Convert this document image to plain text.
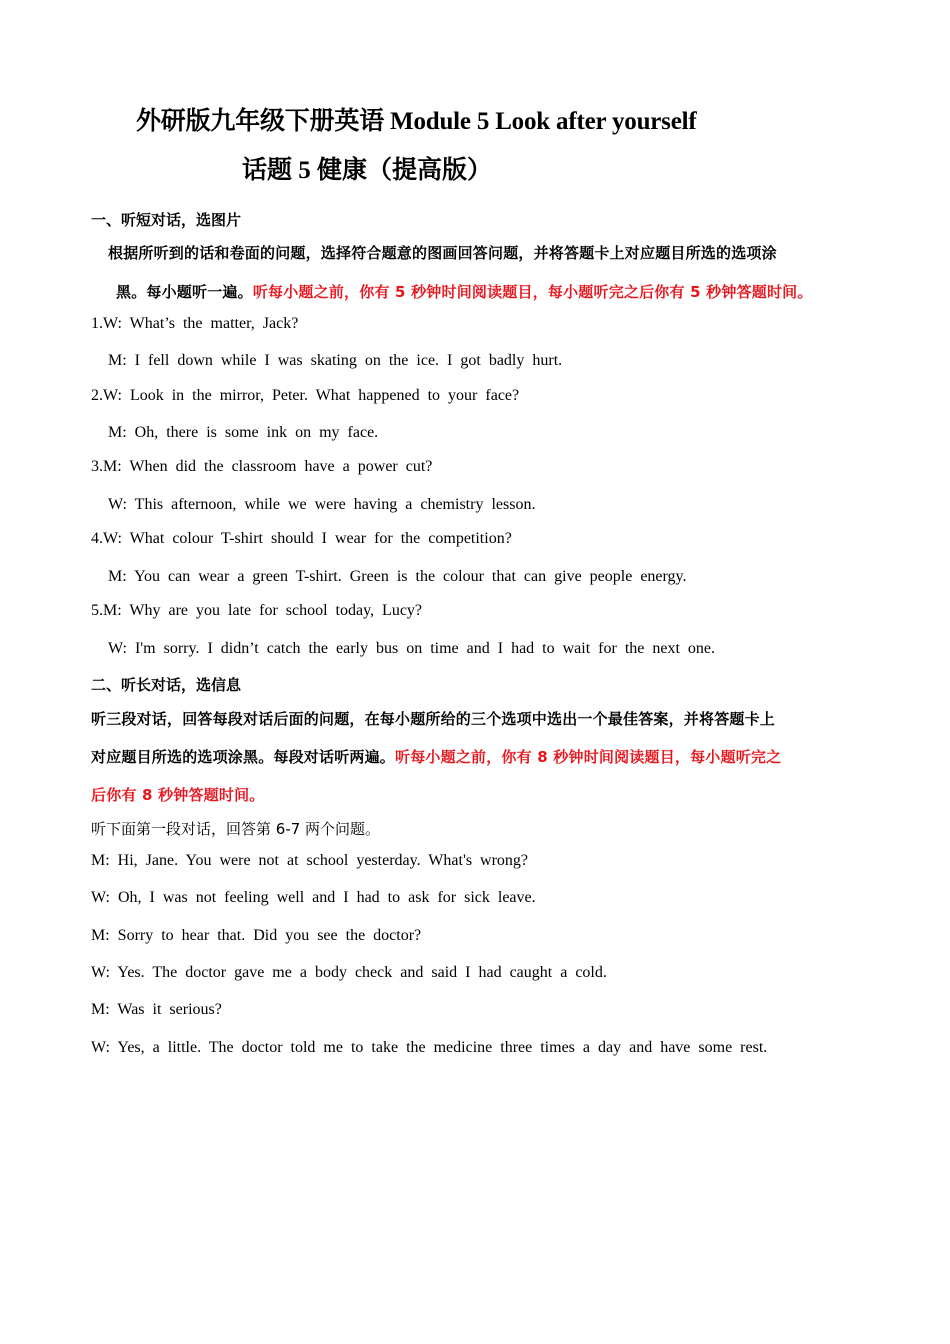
外研版九年级下册英语 Module 5 Look after yourself
话题 5 健康（提高版）
一、听短对话，选图片
根据所听到的话和卷面的问题，选择符合题意的图画回答问题，并将答题卡上对应题目所选的选项涂
黑。每小题听一遍。听每小题之前，你有 5 秒钟时间阅读题目，每小题听完之后你有 5 秒钟答题时间。
1.W: What’s the matter, Jack?
M: I fell down while I was skating on the ice. I got badly hurt.
2.W: Look in the mirror, Peter. What happened to your face?
M: Oh, there is some ink on my face.
3.M: When did the classroom have a power cut?
W: This afternoon, while we were having a chemistry lesson.
4.W: What colour T-shirt should I wear for the competition?
M: You can wear a green T-shirt. Green is the colour that can give people energy.
5.M: Why are you late for school today, Lucy?
W: I'm sorry. I didn’t catch the early bus on time and I had to wait for the next one.
二、听长对话，选信息
听三段对话，回答每段对话后面的问题，在每小题所给的三个选项中选出一个最佳答案，并将答题卡上
对应题目所选的选项涂黑。每段对话听两遍。听每小题之前，你有 8 秒钟时间阅读题目，每小题听完之
后你有 8 秒钟答题时间。
听下面第一段对话，回答第 6-7 两个问题。
M: Hi, Jane. You were not at school yesterday. What's wrong?
W: Oh, I was not feeling well and I had to ask for sick leave.
M: Sorry to hear that. Did you see the doctor?
W: Yes. The doctor gave me a body check and said I had caught a cold.
M: Was it serious?
W: Yes, a little. The doctor told me to take the medicine three times a day and have some rest.
